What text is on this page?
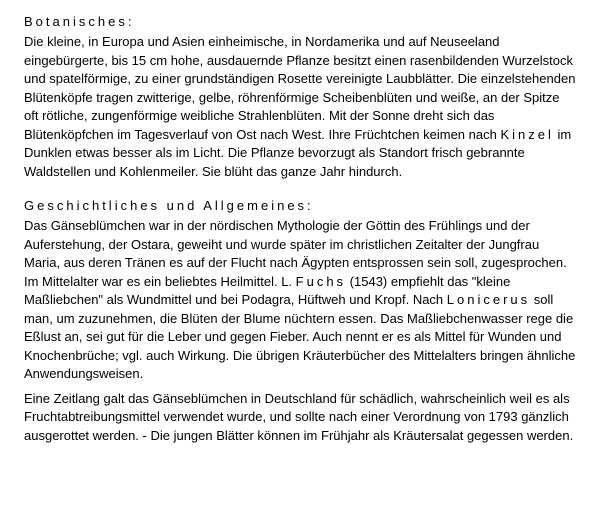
Botanisches:

Die kleine, in Europa und Asien einheimische, in Nordamerika und auf Neuseeland eingebürgerte, bis 15 cm hohe, ausdauernde Pflanze besitzt einen rasenbildenden Wurzelstock und spatelförmige, zu einer grundständigen Rosette vereinigte Laubblätter. Die einzelstehenden Blütenköpfe tragen zwitterige, gelbe, röhrenförmige Scheibenblüten und weiße, an der Spitze oft rötliche, zungenförmige weibliche Strahlenblüten. Mit der Sonne dreht sich das Blütenköpfchen im Tagesverlauf von Ost nach West. Ihre Früchtchen keimen nach Kinzel im Dunklen etwas besser als im Licht. Die Pflanze bevorzugt als Standort frisch gebrannte Waldstellen und Kohlenmeiler. Sie blüht das ganze Jahr hindurch.

Geschichtliches und Allgemeines:

Das Gänseblümchen war in der nördischen Mythologie der Göttin des Frühlings und der Auferstehung, der Ostara, geweiht und wurde später im christlichen Zeitalter der Jungfrau Maria, aus deren Tränen es auf der Flucht nach Ägypten entsprossen sein soll, zugesprochen. Im Mittelalter war es ein beliebtes Heilmittel. L. Fuchs (1543) empfiehlt das "kleine Maßliebchen" als Wundmittel und bei Podagra, Hüftweh und Kropf. Nach Lonicerus soll man, um zuzunehmen, die Blüten der Blume nüchtern essen. Das Maßliebchenwasser rege die Eßlust an, sei gut für die Leber und gegen Fieber. Auch nennt er es als Mittel für Wunden und Knochenbrüche; vgl. auch Wirkung. Die übrigen Kräuterbücher des Mittelalters bringen ähnliche Anwendungsweisen.

Eine Zeitlang galt das Gänseblümchen in Deutschland für schädlich, wahrscheinlich weil es als Fruchtabtreibungsmittel verwendet wurde, und sollte nach einer Verordnung von 1793 gänzlich ausgerottet werden. - Die jungen Blätter können im Frühjahr als Kräutersalat gegessen werden.
